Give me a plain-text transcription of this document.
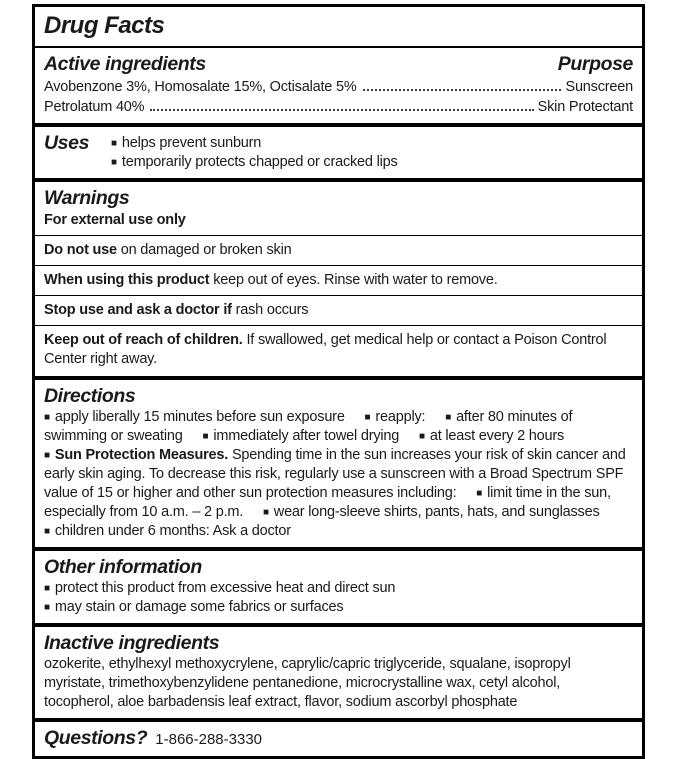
Drug Facts
Active ingredients	Purpose
Avobenzone 3%, Homosalate 15%, Octisalate 5%	Sunscreen
Petrolatum 40%	Skin Protectant
Uses ■ helps prevent sunburn
■ temporarily protects chapped or cracked lips
Warnings
For external use only
Do not use on damaged or broken skin
When using this product keep out of eyes. Rinse with water to remove.
Stop use and ask a doctor if rash occurs
Keep out of reach of children. If swallowed, get medical help or contact a Poison Control Center right away.
Directions

■ apply liberally 15 minutes before sun exposure ■ reapply: ■ after 80 minutes of swimming or sweating ■ immediately after towel drying ■ at least every 2 hours

■ Sun Protection Measures. Spending time in the sun increases your risk of skin cancer and early skin aging. To decrease this risk, regularly use a sunscreen with a Broad Spectrum SPF value of 15 or higher and other sun protection measures including: ■ limit time in the sun, especially from 10 a.m. – 2 p.m. ■ wear long-sleeve shirts, pants, hats, and sunglasses

■ children under 6 months: Ask a doctor

Other information
■ protect this product from excessive heat and direct sun
■ may stain or damage some fabrics or surfaces
Inactive ingredients

ozokerite, ethylhexyl methoxycrylene, caprylic/capric triglyceride, squalane, isopropyl myristate, trimethoxybenzylidene pentanedione, microcrystalline wax, cetyl alcohol, tocopherol, aloe barbadensis leaf extract, flavor, sodium ascorbyl phosphate

Questions? 1-866-288-3330
